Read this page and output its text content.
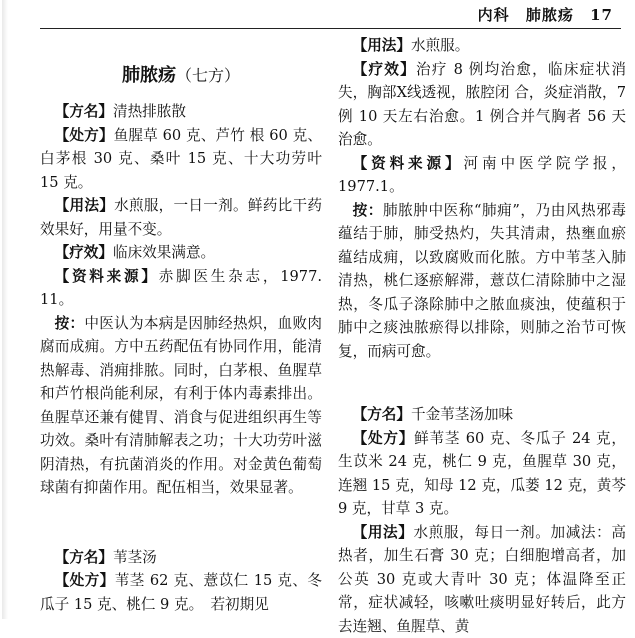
内科 肺脓疡 17
肺脓疡（七方）

【方名】清热排脓散

【处方】鱼腥草 60 克、芦竹 根 60 克、白茅根 30 克、桑叶 15 克、十大功劳叶 15 克。

【用法】水煎服，一日一剂。鲜药比干药效果好，用量不变。

【疗效】临床效果满意。

【资料来源】赤脚医生杂志，1977. 11。

按：中医认为本病是因肺经热炽，血败肉腐而成痈。方中五药配伍有协同作用，能清热解毒、消痈排脓。同时，白茅根、鱼腥草和芦竹根尚能利尿，有利于体内毒素排出。鱼腥草还兼有健胃、消食与促进组织再生等功效。桑叶有清肺解表之功；十大功劳叶滋阴清热，有抗菌消炎的作用。对金黄色葡萄球菌有抑菌作用。配伍相当，效果显著。

【方名】苇茎汤

【处方】苇茎 62 克、薏苡仁 15 克、冬瓜子 15 克、桃仁 9 克。　若初期见

【用法】水煎服。

【疗效】治疗 8 例均治愈，临床症状消失，胸部X线透视，脓腔闭 合，炎症消散，7 例 10 天左右治愈。1 例合并气胸者 56 天治愈。

【资料来源】河南中医学院学报，1977.1。

按：肺脓肿中医称“肺痈”，乃由风热邪毒蕴结于肺，肺受热灼，失其清肃，热壅血瘀蕴结成痈，以致腐败而化脓。方中苇茎入肺清热，桃仁逐瘀解滞，薏苡仁清除肺中之湿热，冬瓜子涤除肺中之脓血痰浊，使蕴积于肺中之痰浊脓瘀得以排除，则肺之治节可恢复，而病可愈。

【方名】千金苇茎汤加味

【处方】鲜苇茎 60 克、冬瓜子 24 克，生苡米 24 克，桃仁 9 克，鱼腥草 30 克，连翘 15 克，知母 12 克，瓜蒌 12 克，黄芩 9 克，甘草 3 克。

【用法】水煎服，每日一剂。加减法：高热者，加生石膏 30 克；白细胞增高者，加公英 30 克或大青叶 30 克；体温降至正常，症状减轻，咳嗽吐痰明显好转后，此方去连翘、鱼腥草、黄
